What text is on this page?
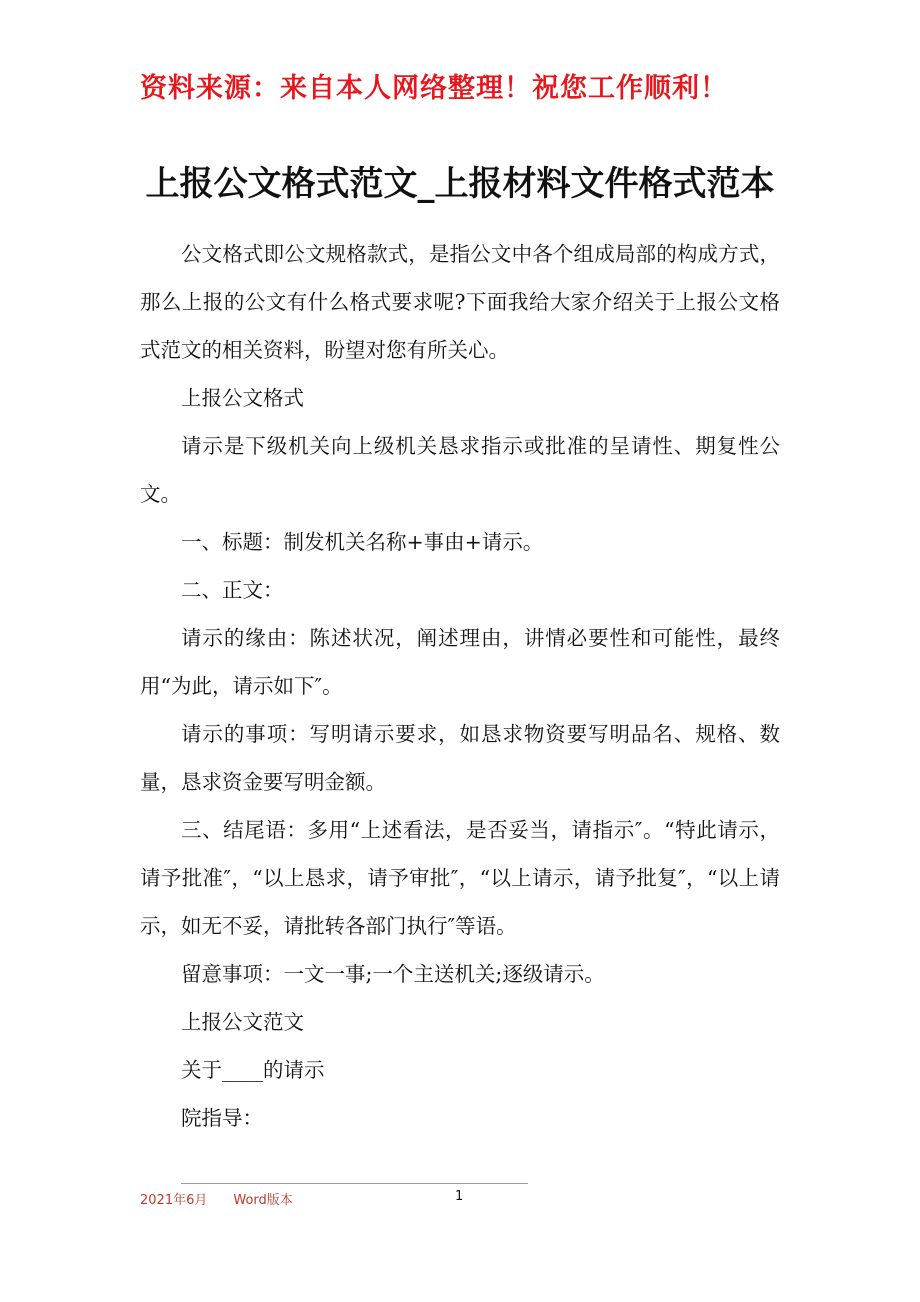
资料来源：来自本人网络整理！祝您工作顺利！
上报公文格式范文_上报材料文件格式范本

公文格式即公文规格款式，是指公文中各个组成局部的构成方式，那么上报的公文有什么格式要求呢?下面我给大家介绍关于上报公文格式范文的相关资料，盼望对您有所关心。

上报公文格式

请示是下级机关向上级机关恳求指示或批准的呈请性、期复性公文。

一、标题：制发机关名称+事由+请示。

二、正文：

请示的缘由：陈述状况，阐述理由，讲情必要性和可能性，最终用“为此，请示如下″。

请示的事项：写明请示要求，如恳求物资要写明品名、规格、数量，恳求资金要写明金额。

三、结尾语：多用“上述看法，是否妥当，请指示″。“特此请示，请予批准″，“以上恳求，请予审批″，“以上请示，请予批复″，“以上请示，如无不妥，请批转各部门执行″等语。

留意事项：一文一事;一个主送机关;逐级请示。

上报公文范文

关于____的请示

院指导：

2021年6月 Word版本	1
